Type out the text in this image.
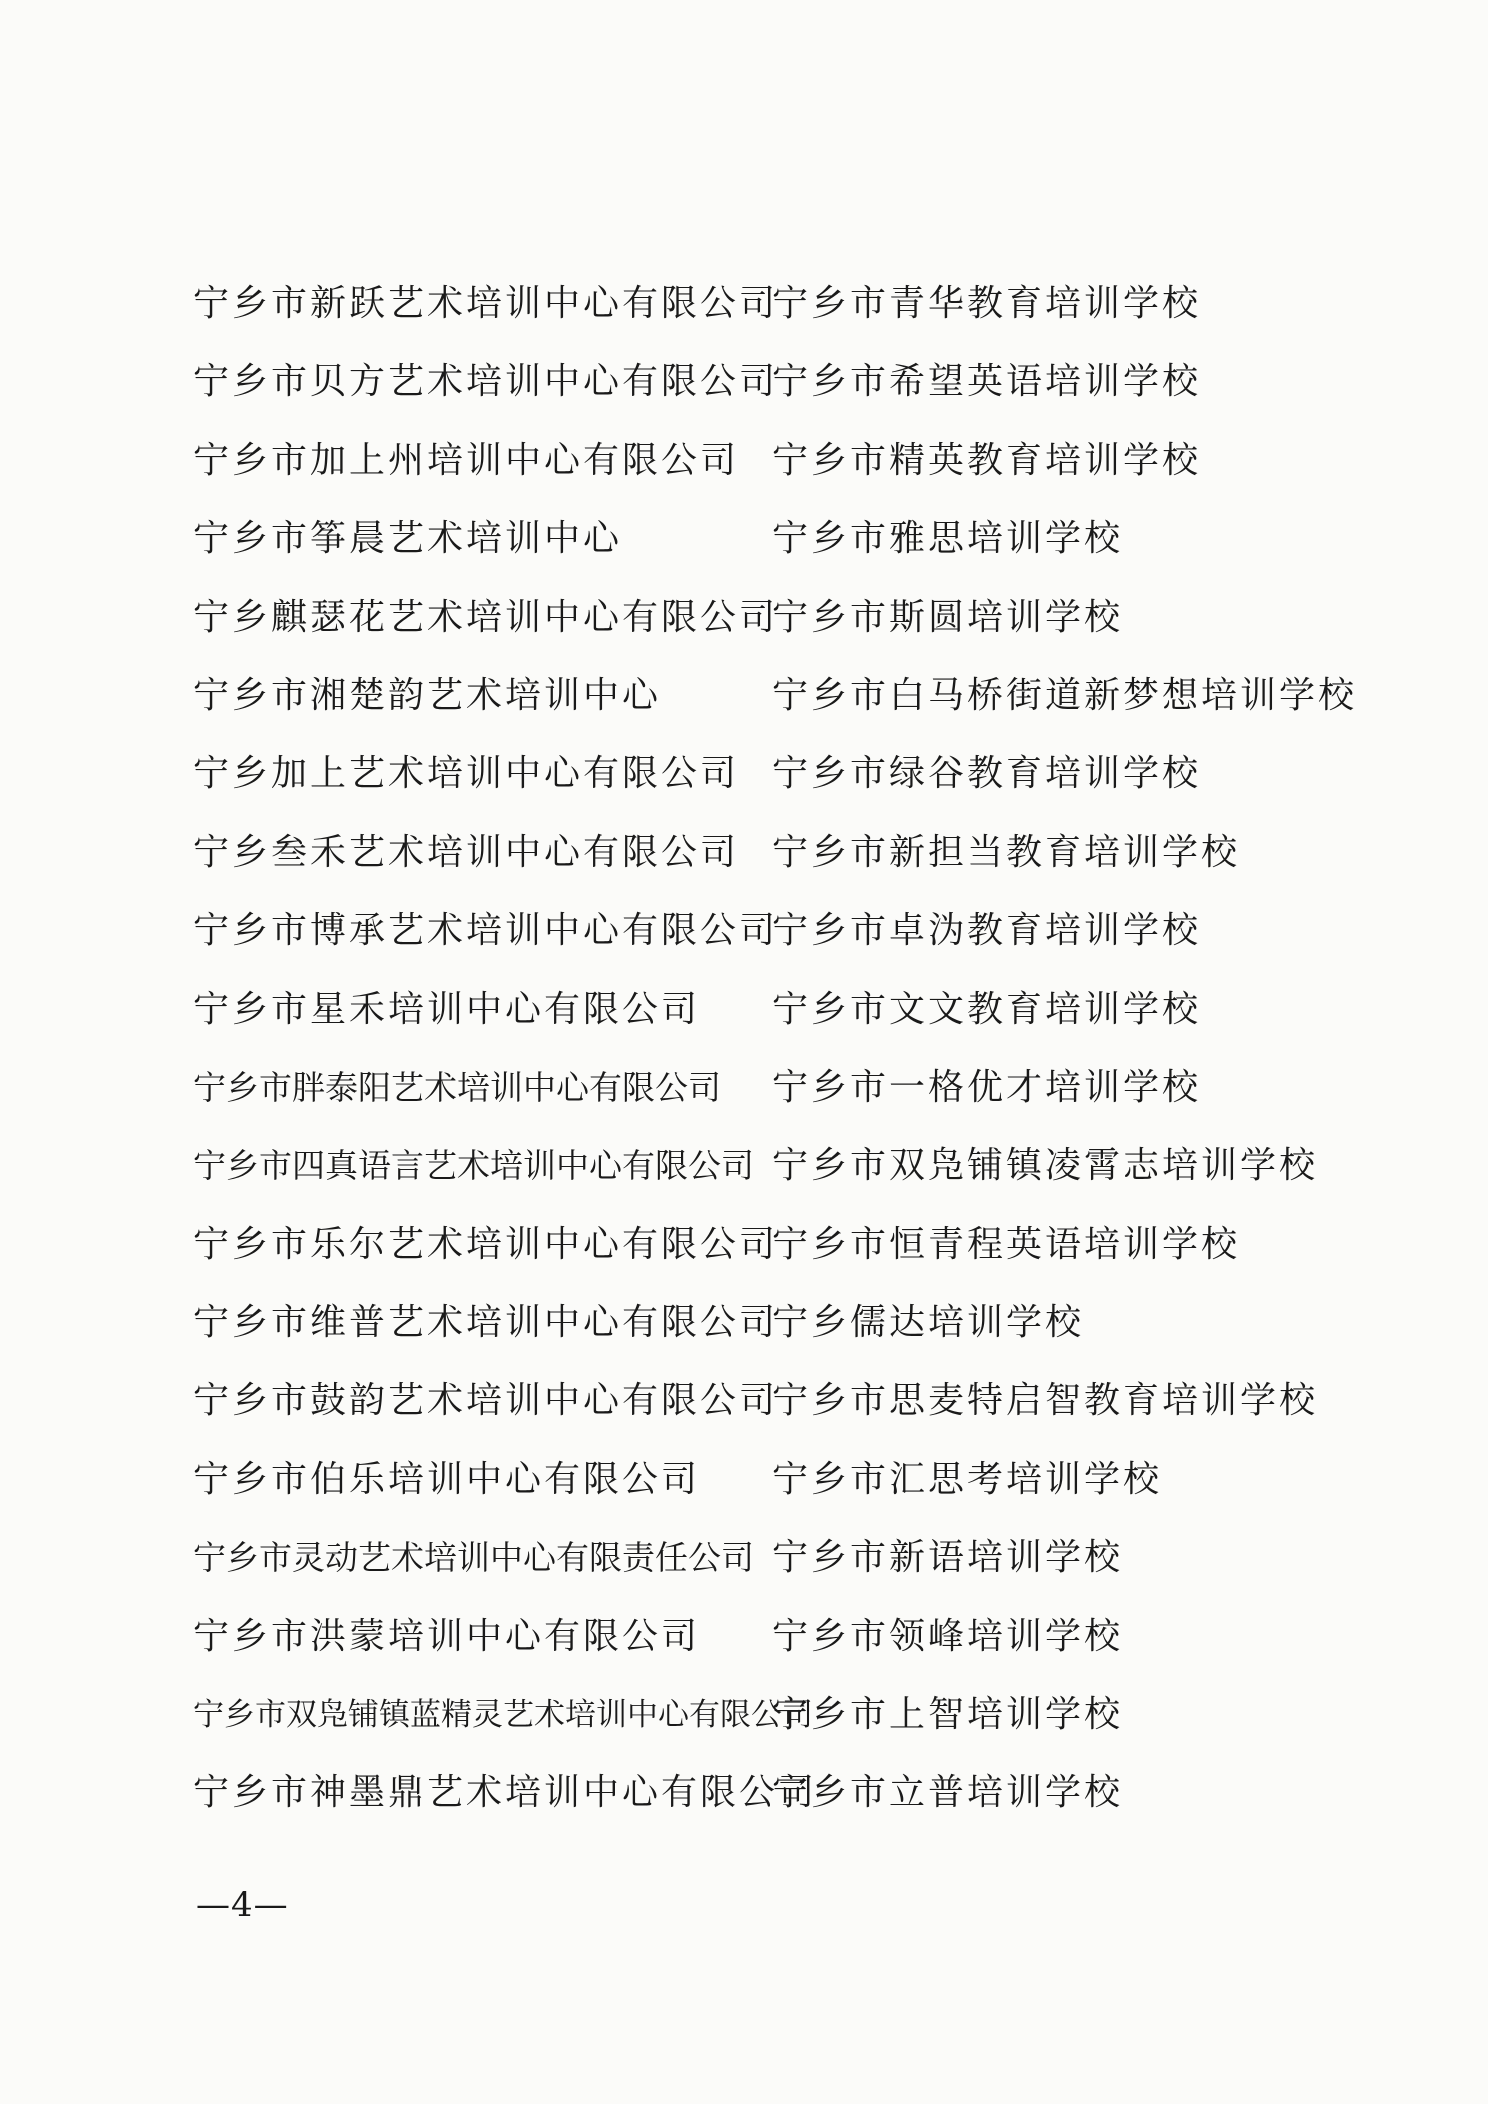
宁乡市新跃艺术培训中心有限公司
宁乡市贝方艺术培训中心有限公司
宁乡市加上州培训中心有限公司
宁乡市筝晨艺术培训中心
宁乡麒瑟花艺术培训中心有限公司
宁乡市湘楚韵艺术培训中心
宁乡加上艺术培训中心有限公司
宁乡叁禾艺术培训中心有限公司
宁乡市博承艺术培训中心有限公司
宁乡市星禾培训中心有限公司
宁乡市胖泰阳艺术培训中心有限公司
宁乡市四真语言艺术培训中心有限公司
宁乡市乐尔艺术培训中心有限公司
宁乡市维普艺术培训中心有限公司
宁乡市鼓韵艺术培训中心有限公司
宁乡市伯乐培训中心有限公司
宁乡市灵动艺术培训中心有限责任公司
宁乡市洪蒙培训中心有限公司
宁乡市双凫铺镇蓝精灵艺术培训中心有限公司
宁乡市神墨鼎艺术培训中心有限公司
宁乡市青华教育培训学校
宁乡市希望英语培训学校
宁乡市精英教育培训学校
宁乡市雅思培训学校
宁乡市斯圆培训学校
宁乡市白马桥街道新梦想培训学校
宁乡市绿谷教育培训学校
宁乡市新担当教育培训学校
宁乡市卓沩教育培训学校
宁乡市文文教育培训学校
宁乡市一格优才培训学校
宁乡市双凫铺镇凌霄志培训学校
宁乡市恒青程英语培训学校
宁乡儒达培训学校
宁乡市思麦特启智教育培训学校
宁乡市汇思考培训学校
宁乡市新语培训学校
宁乡市领峰培训学校
宁乡市上智培训学校
宁乡市立普培训学校
—4—
